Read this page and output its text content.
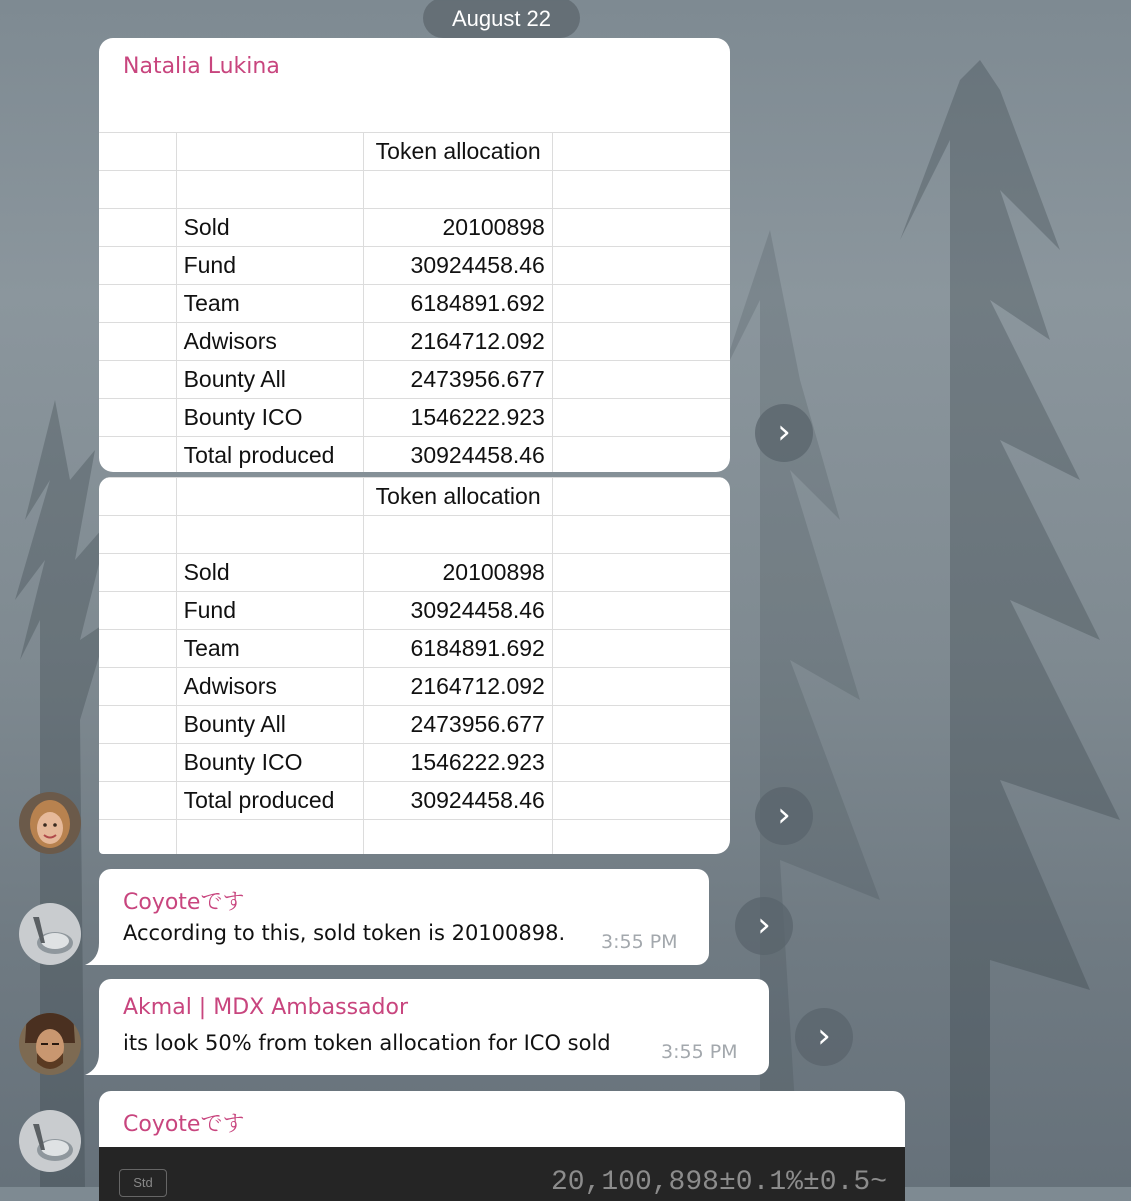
August 22
Natalia Lukina
		Token allocation	

	Sold	20100898	
	Fund	30924458.46	
	Team	6184891.692	
	Adwisors	2164712.092	
	Bounty All	2473956.677	
	Bounty ICO	1546222.923	
	Total produced	30924458.46	

		Token allocation	

	Sold	20100898	
	Fund	30924458.46	
	Team	6184891.692	
	Adwisors	2164712.092	
	Bounty All	2473956.677	
	Bounty ICO	1546222.923	
	Total produced	30924458.46	

›
›
Coyoteです
According to this, sold token is 20100898. 3:55 PM	›
Akmal | MDX Ambassador
its look 50% from token allocation for ICO sold	3:55 PM	›
Coyoteです
Std	20,100,898±0.1%±0.5~
